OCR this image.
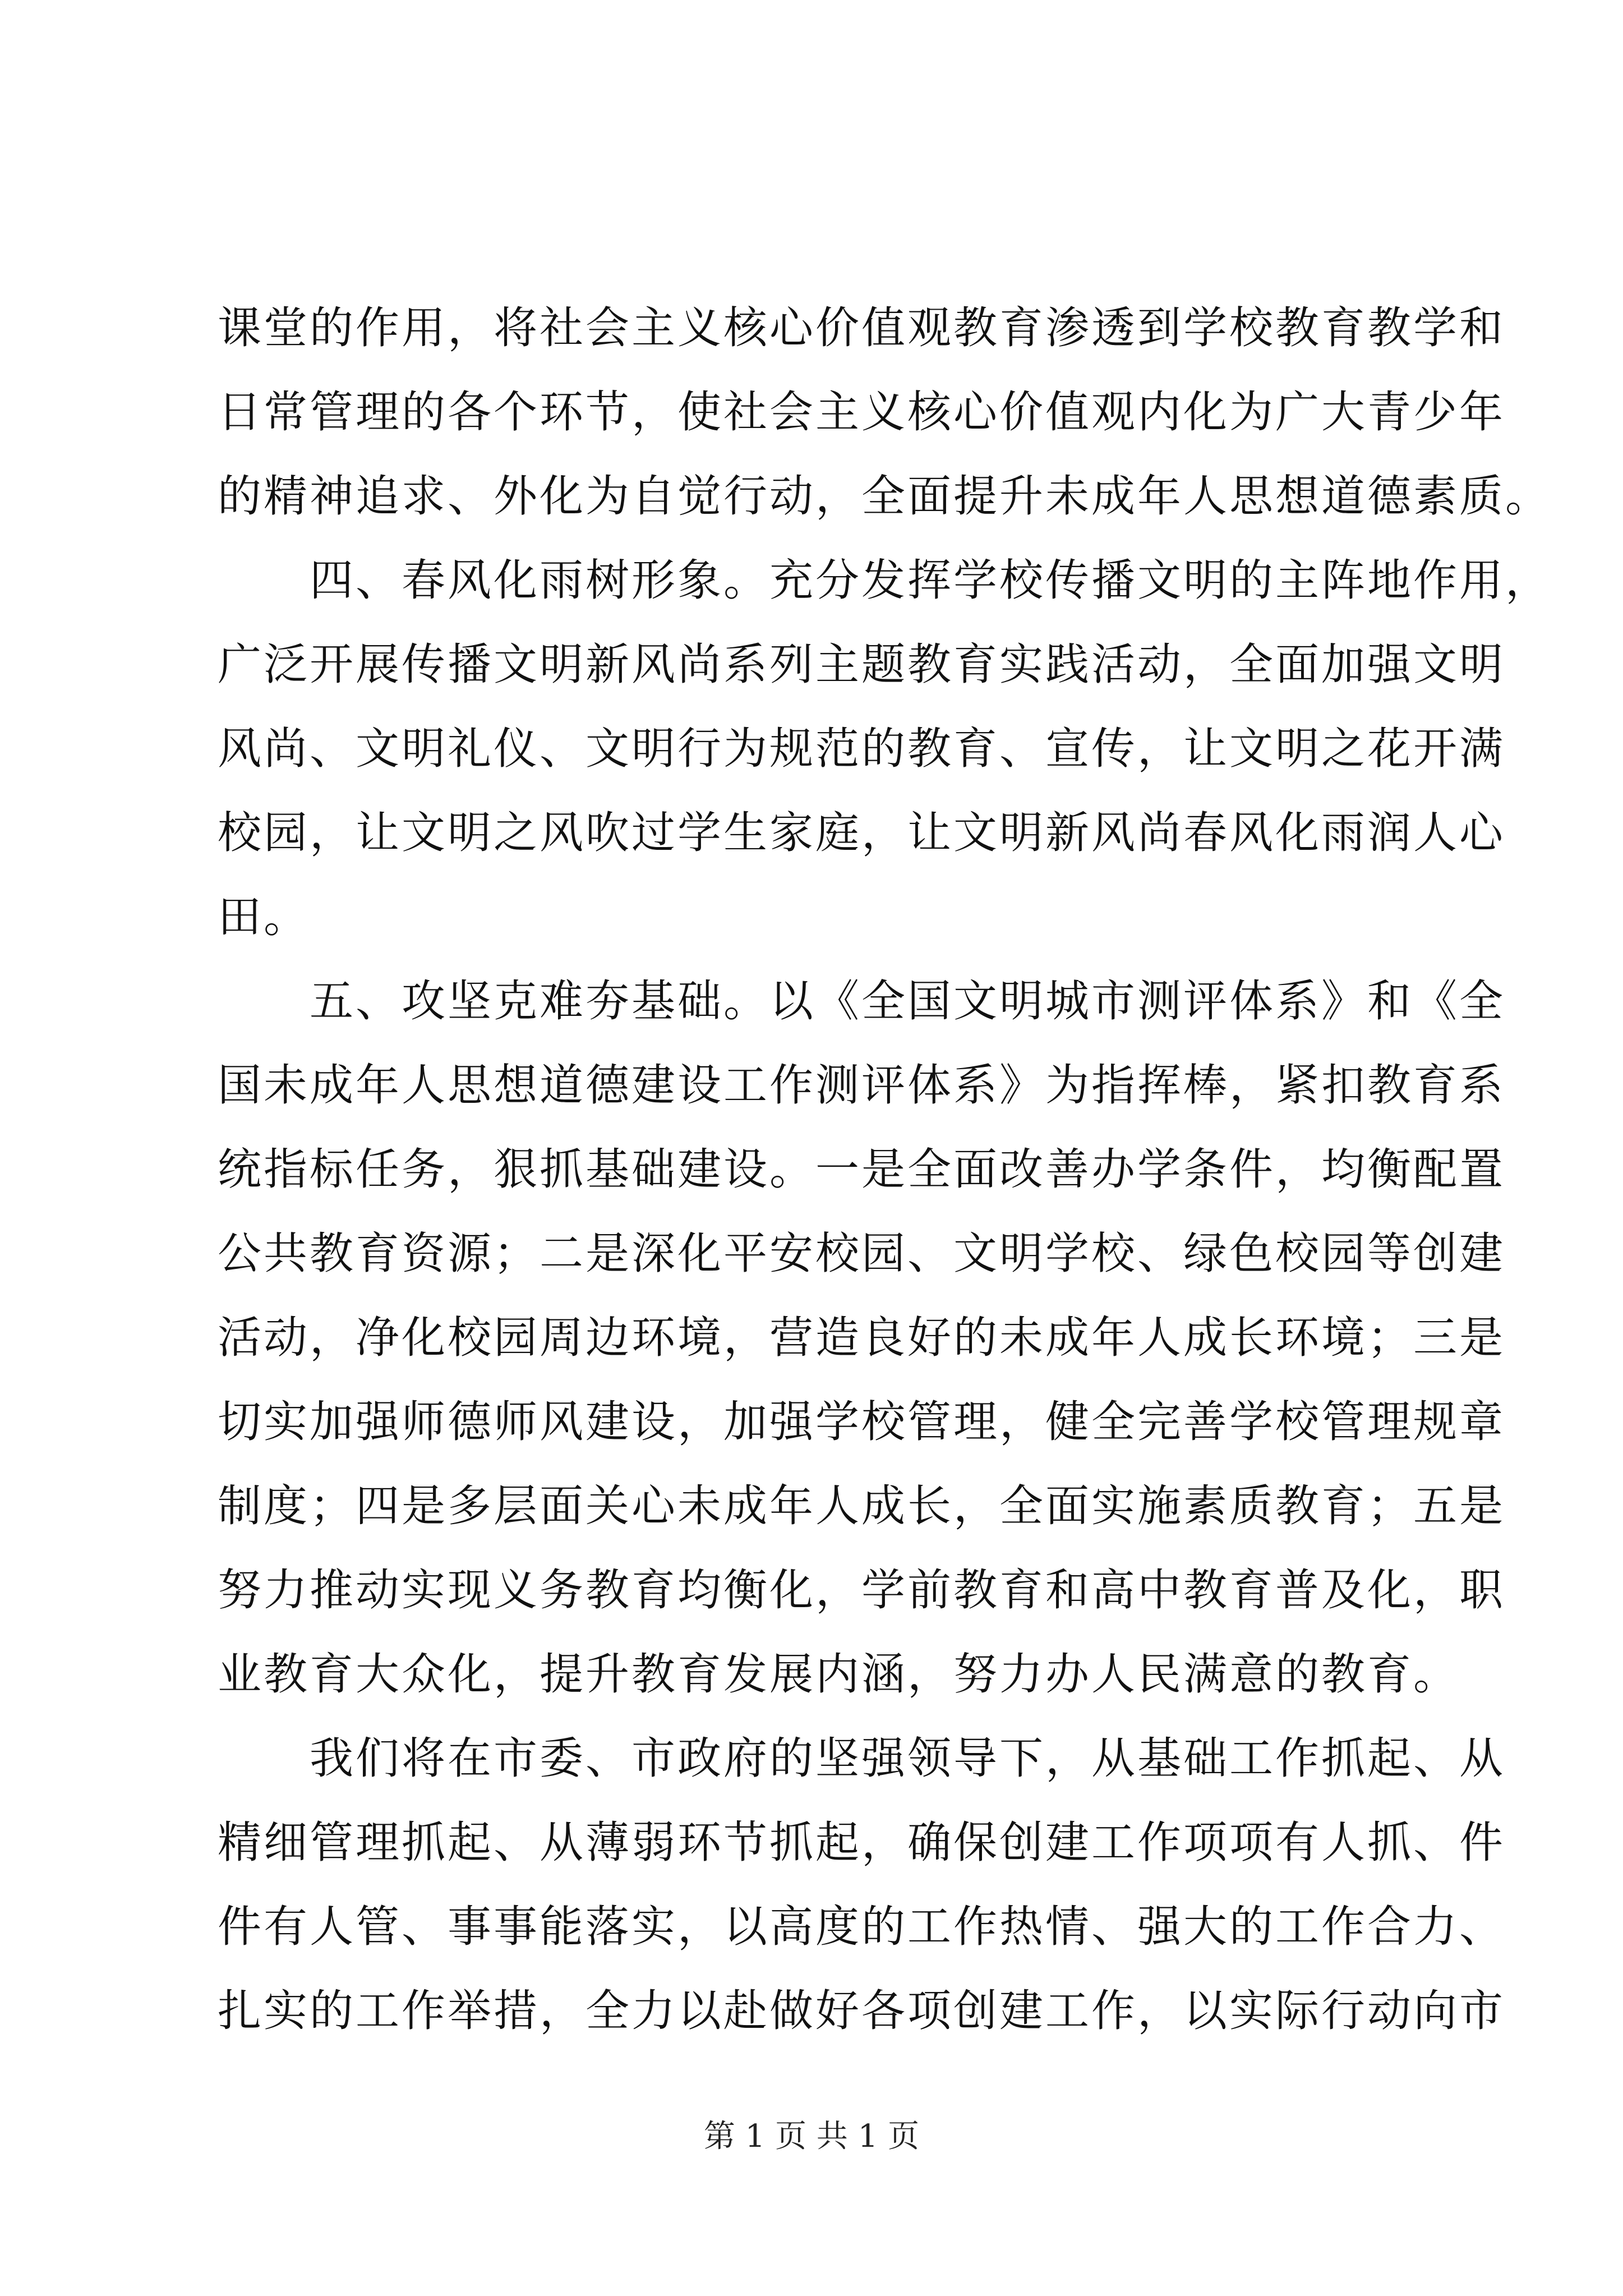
课堂的作用，将社会主义核心价值观教育渗透到学校教育教学和
日常管理的各个环节，使社会主义核心价值观内化为广大青少年
的精神追求、外化为自觉行动，全面提升未成年人思想道德素质。
　　四、春风化雨树形象。充分发挥学校传播文明的主阵地作用，
广泛开展传播文明新风尚系列主题教育实践活动，全面加强文明
风尚、文明礼仪、文明行为规范的教育、宣传，让文明之花开满
校园，让文明之风吹过学生家庭，让文明新风尚春风化雨润人心
田。
　　五、攻坚克难夯基础。以《全国文明城市测评体系》和《全
国未成年人思想道德建设工作测评体系》为指挥棒，紧扣教育系
统指标任务，狠抓基础建设。一是全面改善办学条件，均衡配置
公共教育资源；二是深化平安校园、文明学校、绿色校园等创建
活动，净化校园周边环境，营造良好的未成年人成长环境；三是
切实加强师德师风建设，加强学校管理，健全完善学校管理规章
制度；四是多层面关心未成年人成长，全面实施素质教育；五是
努力推动实现义务教育均衡化，学前教育和高中教育普及化，职
业教育大众化，提升教育发展内涵，努力办人民满意的教育。
　　我们将在市委、市政府的坚强领导下，从基础工作抓起、从
精细管理抓起、从薄弱环节抓起，确保创建工作项项有人抓、件
件有人管、事事能落实，以高度的工作热情、强大的工作合力、
扎实的工作举措，全力以赴做好各项创建工作，以实际行动向市
第 1 页 共 1 页
